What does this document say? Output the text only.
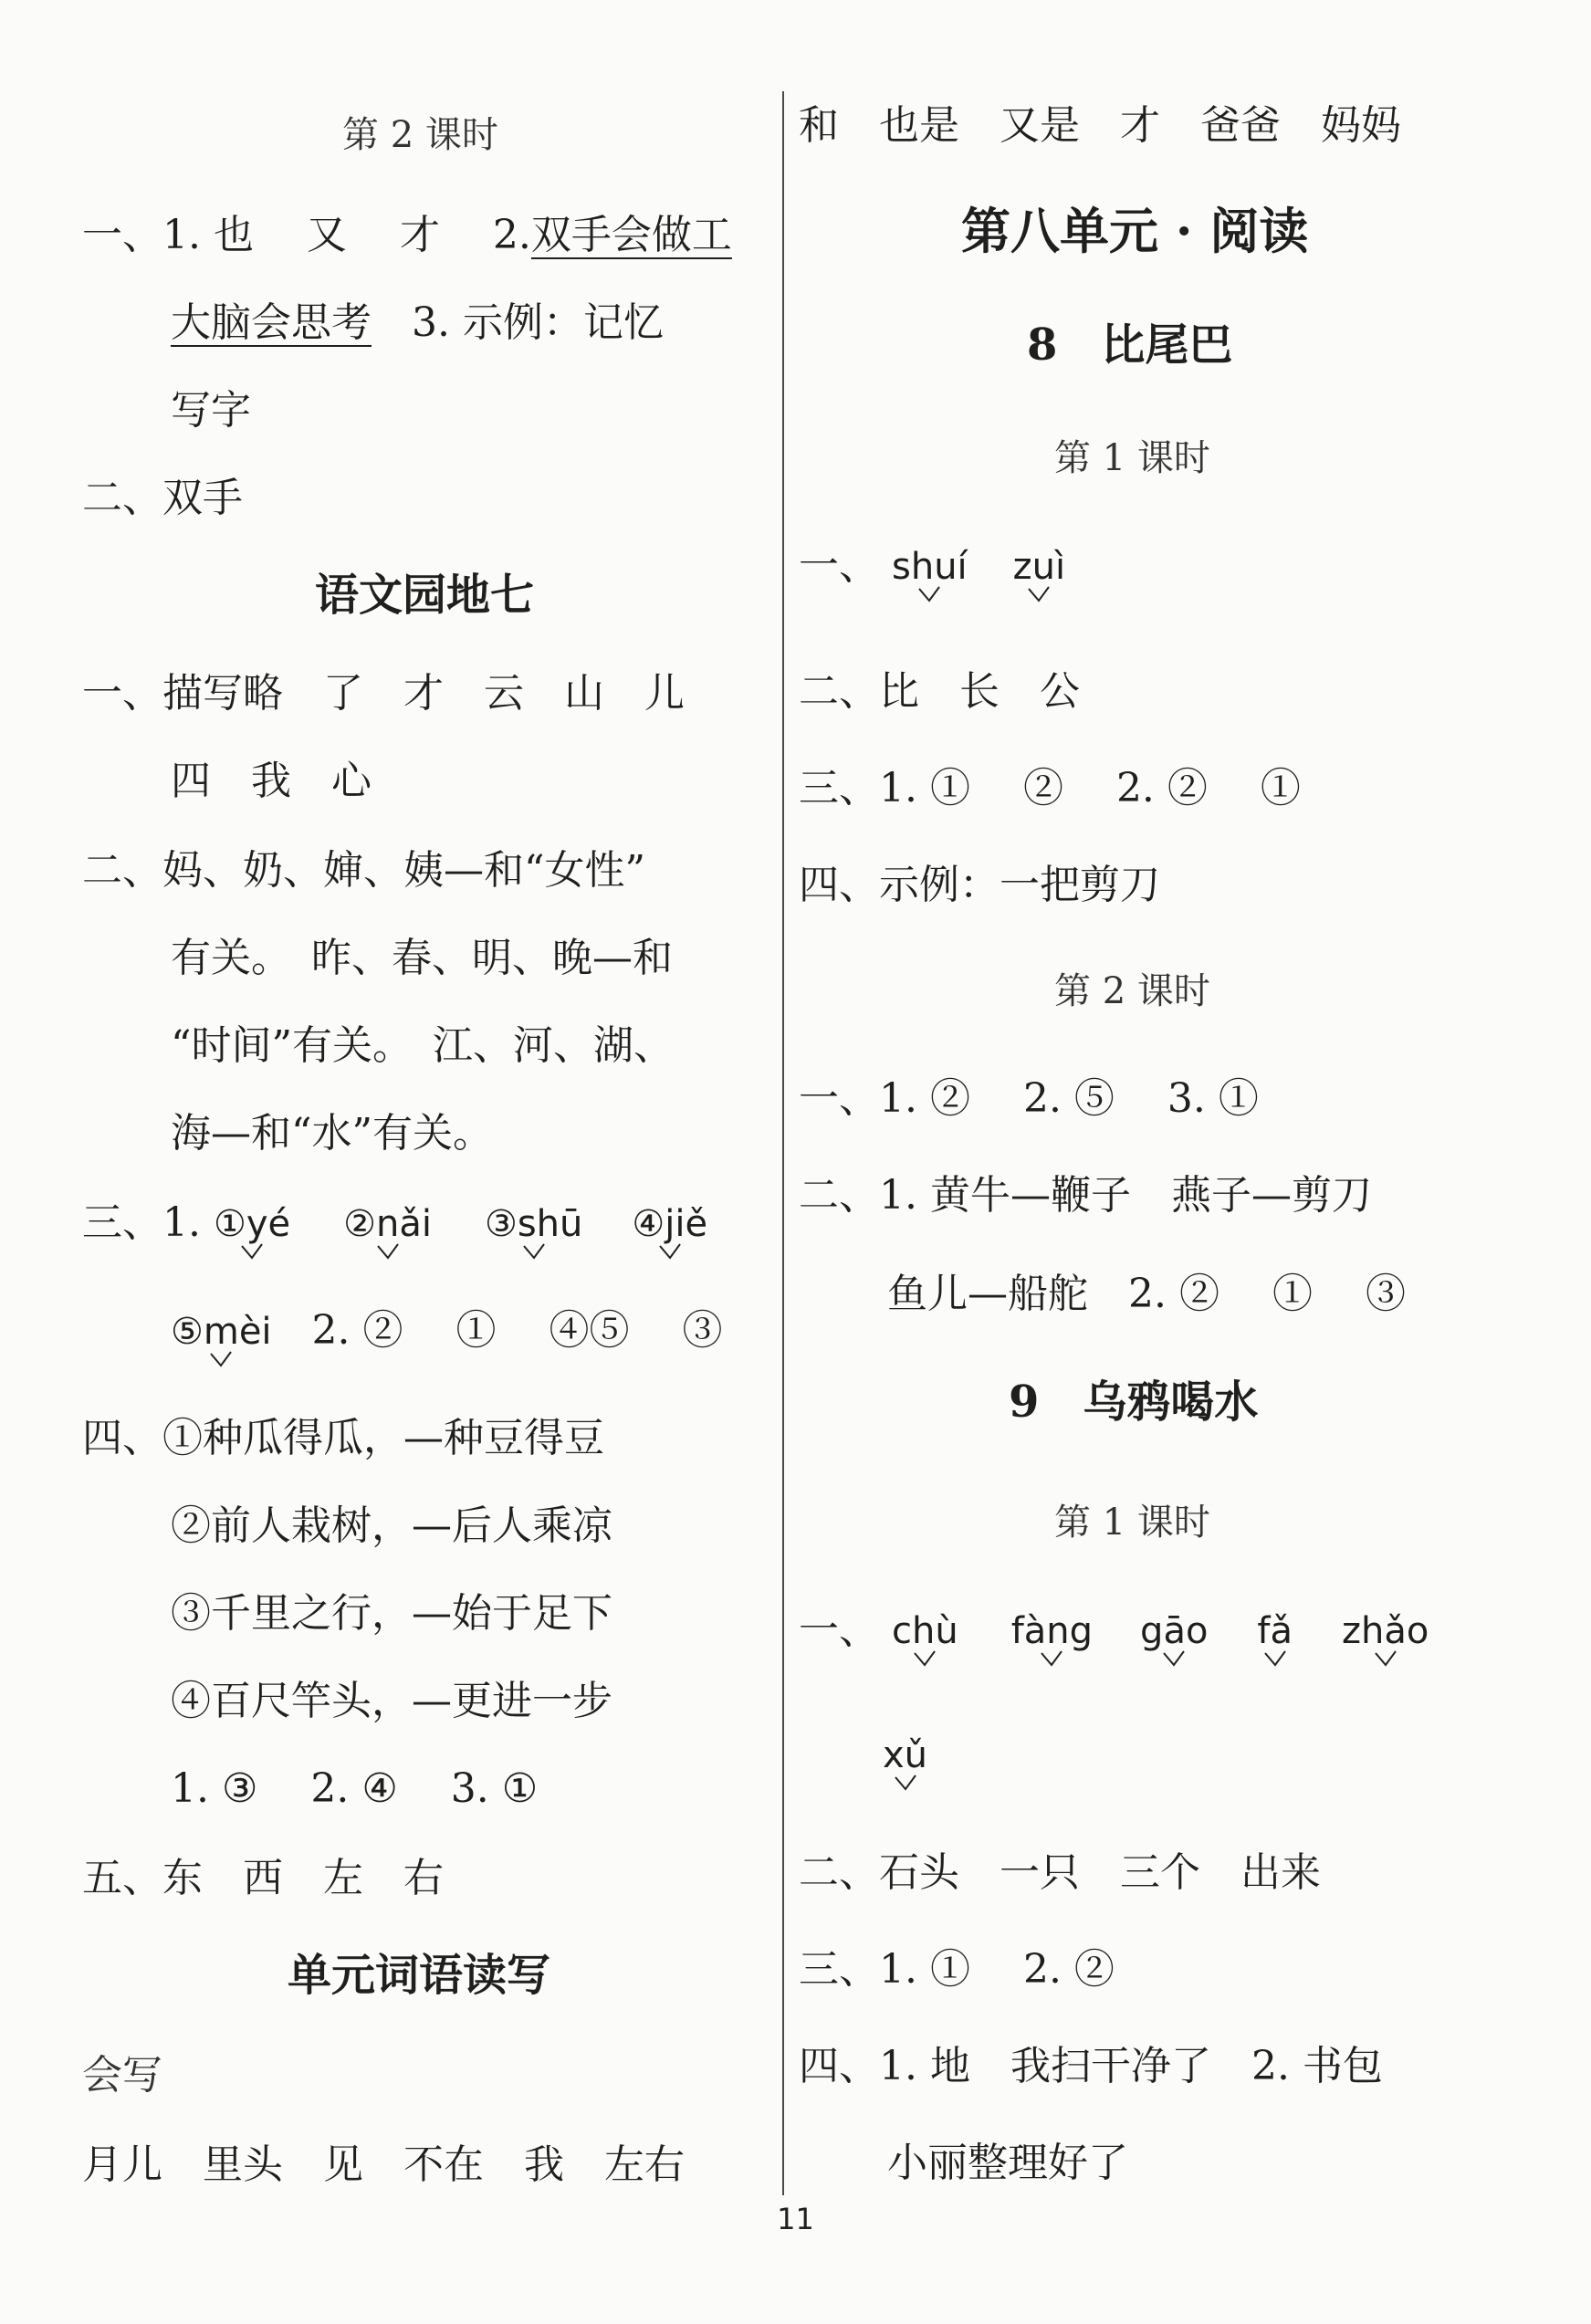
第 2 课时
一、1. 也　 又　 才　 2.双手会做工
大脑会思考　3. 示例：记忆
写字
二、双手
语文园地七
一、描写略　了　才　云　山　儿
四　我　心
二、妈、奶、婶、姨—和“女性”
有关。　昨、春、明、晚—和
“时间”有关。　江、河、湖、
海—和“水”有关。
三、1. ①yé ②nǎi ③shū ④jiě
⑤mèi
　2. ②　 ①　 ④⑤　 ③
四、①种瓜得瓜，—种豆得豆
②前人栽树，—后人乘凉
③千里之行，—始于足下
④百尺竿头，—更进一步
1. ③　 2. ④　 3. ①
五、东　西　左　右
单元词语读写
会写
月儿　里头　见　不在　我　左右
和　也是　又是　才　爸爸　妈妈
第八单元 · 阅读
8　比尾巴
第 1 课时
一、 shuí zuì
二、比　长　公
三、1. ①　 ②　 2. ②　 ①
四、示例：一把剪刀
第 2 课时
一、1. ②　 2. ⑤　 3. ①
二、1. 黄牛—鞭子　燕子—剪刀
鱼儿—船舵　2. ②　 ①　 ③
9　乌鸦喝水
第 1 课时
一、 chù fàng gāo fǎ zhǎo
xǔ
二、石头　一只　三个　出来
三、1. ①　 2. ②
四、1. 地　我扫干净了　2. 书包
小丽整理好了
11
